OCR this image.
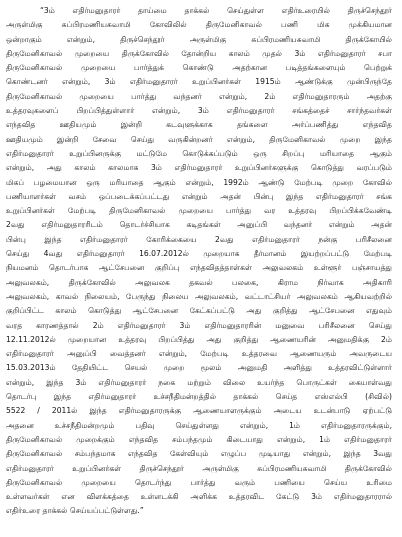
“3ம் எதிர்மனுதாரர் தாய்மை தாக்கல் செய்துள்ள எதிர்உரையில் திருச்செந்தூர்
அருள்மிகு சுப்பிரமணியசுவாமி கோவிலில் திருமேனிகாவல் பணி மிக முக்கியமான
ஒன்றாகும் என்றும், திருச்செந்தூர் அருள்மிகு சுப்பிரமணியசுவாமி திருக்கோயில்
திருமேனிகாவல் முறையை திருக்கோவில் தோன்றிய காலம் முதல் 3ம் எதிர்மனுதாரர் சபா
திருமேனிகாவல் முறையை பார்த்துக் கொண்டு அதற்கான படித்தங்களையும் பெற்றுக்
கொண்டனர் என்றும், 3ம் எதிர்மனுதாரர் உறுப்பினர்கள் 1915ம் ஆண்டுக்கு முன்பிருந்தே
திருமேனிகாவல் முறையை பார்த்து வந்தனர் என்றும், 2ம் எதிர்மனுதாரரும் அதற்கு
உத்தரவுகளைப் பிறப்பித்துள்ளார் என்றும், 3ம் எதிர்மனுதாரர் சங்கத்தைச் சார்ந்தவர்கள்
எந்தவித ஊதியமும் இன்றி கடவுளுக்காக தங்களை அர்ப்பணித்து எந்தவித
ஊதியமும் இன்றி சேவை செய்து வருகின்றனர் என்றும், திருமேனிகாவல் முறை இந்த
எதிர்மனுதாரர் உறுப்பினருக்கு மட்டுமே கொடுக்கப்படும் ஒரு சிறப்பு மரியாதை ஆகும்
என்றும், அது காலம் காலமாக 3ம் எதிர்மனுதாரர் உறுப்பினர்களுக்கு கொடுத்து வரப்படும்
மிகப் பழமையான ஒரு மரியாதை ஆகும் என்றும், 1992ம் ஆண்டு மேற்படி முறை கோவில்
பணியாளர்கள் வசம் ஒப்படைக்கப்பட்டது என்றும் அதன் பின்பு இந்த எதிர்மனுதாரர் சங்க
உறுப்பினர்கள் மேற்படி திருமேனிகாவல் முறையை பார்த்து வர உத்தரவு பிறப்பிக்கவேண்டி
2வது எதிர்மனுதாரரிடம் தொடர்ச்சியாக கடிதங்கள் அனுப்பி வந்தனர் என்றும் அதன்
பின்பு இந்த எதிர்மனுதாரர் கோரிக்கையை 2வது எதிர்மனுதாரர் நன்கு பரிசீலனை
செய்து 4வது எதிர்மனுதாரர் 16.07.2012ல் முறையாக தீர்மானம் இயற்றப்பட்டு மேற்படி
நியமனம் தொடர்பாக ஆட்சேபனை குறிப்பு எந்தவிதத்தாள்கள் அலுவலகம் உள்ளூர் பஞ்சாயத்து
அலுவலகம், திருக்கோவில் அலுவலக தகவல் பலகை, கிராம நிர்வாக அதிகாரி
அலுவலகம், காவல் நிலையம், பேருந்து நிலைய அலுவலகம், வட்டாட்சியர் அலுவலகம் ஆகியவற்றில்
குறிப்பிட்ட காலம் கொடுத்து ஆட்சேபனை கேட்கப்பட்டு அது குறித்து ஆட்சேபனை எதுவும்
வரத காரணத்தால் 2ம் எதிர்மனுதாரர் 3ம் எதிர்மனுதாரரின் மனுவை பரிசீலனை செய்து
12.11.2012ல் முறையான உத்தரவு பிறப்பித்து அது குறித்து ஆணையரின் அனுமதிக்கு 2ம்
எதிர்மனுதாரர் அனுப்பி வைத்தனர் என்றும், மேற்படி உத்தரவை ஆணையரும் அவருடைய
15.03.2013ம் தேதியிட்ட செயல் முறை மூலம் அனுமதி அளித்து உத்தரவிட்டுள்ளார்
என்றும், இந்த 3ம் எதிர்மனுதாரர் நகை மற்றும் விலை உயர்ந்த பொருட்கள் கையாள்வது
தொடர்பு இந்த எதிர்மனுதாரர் உச்சநீதிமன்றத்தில் தாக்கல் செய்த எஸ்எல்பி (சிவில்)
5522 / 2011ல் இந்த எதிர்மனுதாரருக்கு ஆணையாளருக்கும் அடைய உடன்பாடு ஏற்பட்டு
அதனை உச்சநீதிமன்றமும் பதிவு செய்துள்ளது என்றும், 1ம் எதிர்மனுதாரருக்கும்,
திருமேனிகாவல் முறைக்கும் எந்தவித சம்பந்தமும் கிடையாது என்றும், 1ம் எதிர்மனுதாரர்
திருமேனிகாவல் சம்பந்தமாக எந்தவித கேள்வியும் எழுப்ப முடியாது என்றும், இந்த 3வது
எதிர்மனுதாரர் உறுப்பினர்கள் திருச்செந்தூர் அருள்மிகு சுப்பிரமணியசுவாமி திருக்கோவில்
திருமேனிகாவல் முறையை தொடர்ந்து பார்த்து வரும் பணியை செய்ய உரிமை
உள்ளவர்கள் என விளக்கத்தை உள்ளடக்கி அளிக்க உத்தரவிட கேட்டு 3ம் எதிர்மனுதாரரால்
எதிர்உரை தாக்கல் செய்யப்பட்டுள்ளது.”
